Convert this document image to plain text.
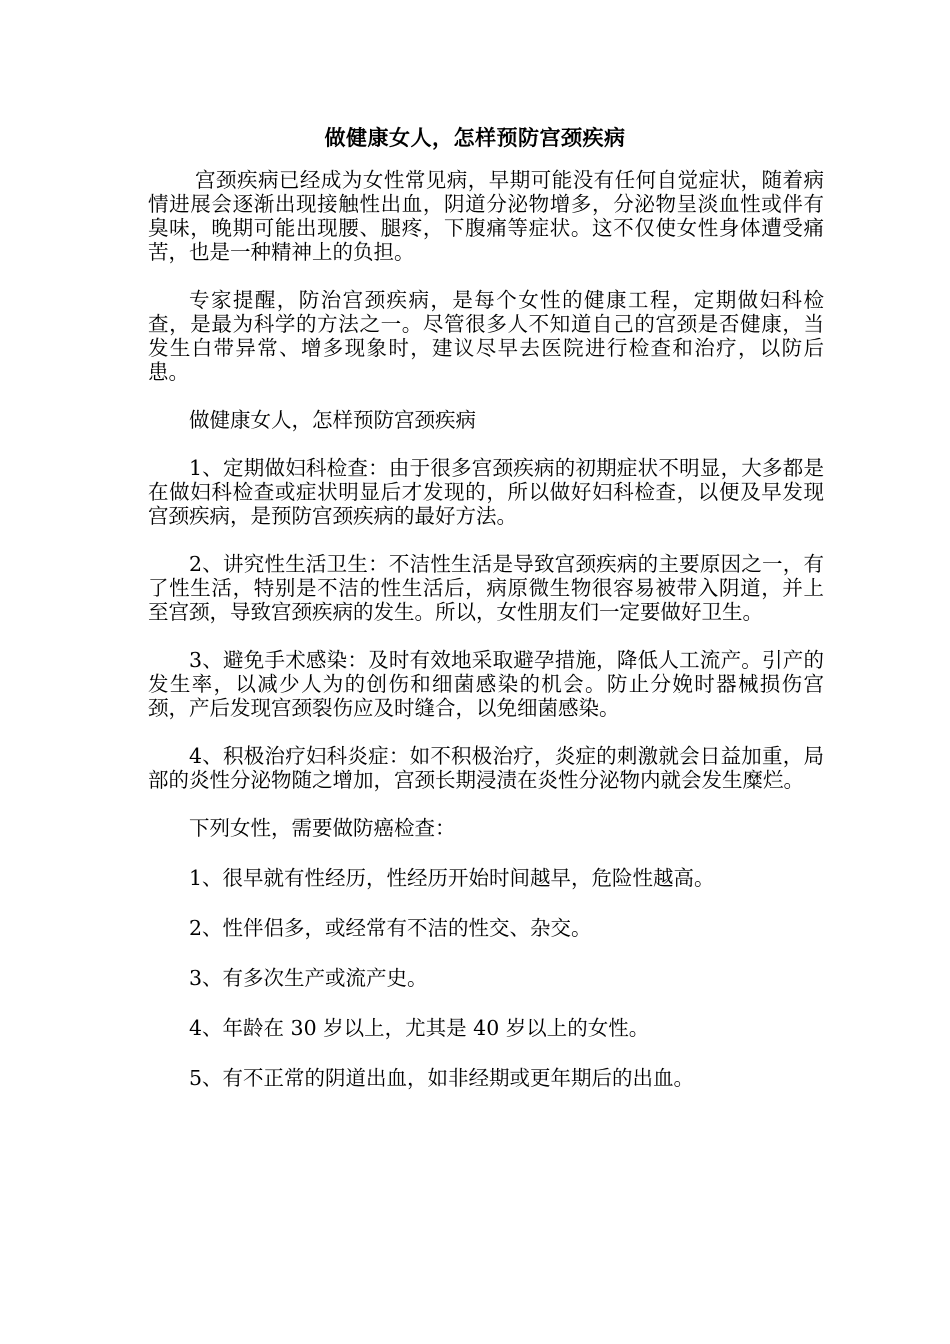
做健康女人，怎样预防宫颈疾病

宫颈疾病已经成为女性常见病，早期可能没有任何自觉症状，随着病情进展会逐渐出现接触性出血，阴道分泌物增多，分泌物呈淡血性或伴有臭味，晚期可能出现腰、腿疼，下腹痛等症状。这不仅使女性身体遭受痛苦，也是一种精神上的负担。

专家提醒，防治宫颈疾病，是每个女性的健康工程，定期做妇科检查，是最为科学的方法之一。尽管很多人不知道自己的宫颈是否健康，当发生白带异常、增多现象时，建议尽早去医院进行检查和治疗，以防后患。

做健康女人，怎样预防宫颈疾病

1、定期做妇科检查：由于很多宫颈疾病的初期症状不明显，大多都是在做妇科检查或症状明显后才发现的，所以做好妇科检查，以便及早发现宫颈疾病，是预防宫颈疾病的最好方法。

2、讲究性生活卫生：不洁性生活是导致宫颈疾病的主要原因之一，有了性生活，特别是不洁的性生活后，病原微生物很容易被带入阴道，并上至宫颈，导致宫颈疾病的发生。所以，女性朋友们一定要做好卫生。

3、避免手术感染：及时有效地采取避孕措施，降低人工流产。引产的发生率，以减少人为的创伤和细菌感染的机会。防止分娩时器械损伤宫颈，产后发现宫颈裂伤应及时缝合，以免细菌感染。

4、积极治疗妇科炎症：如不积极治疗，炎症的刺激就会日益加重，局部的炎性分泌物随之增加，宫颈长期浸渍在炎性分泌物内就会发生糜烂。

下列女性，需要做防癌检查：

1、很早就有性经历，性经历开始时间越早，危险性越高。

2、性伴侣多，或经常有不洁的性交、杂交。

3、有多次生产或流产史。

4、年龄在 30 岁以上，尤其是 40 岁以上的女性。

5、有不正常的阴道出血，如非经期或更年期后的出血。
